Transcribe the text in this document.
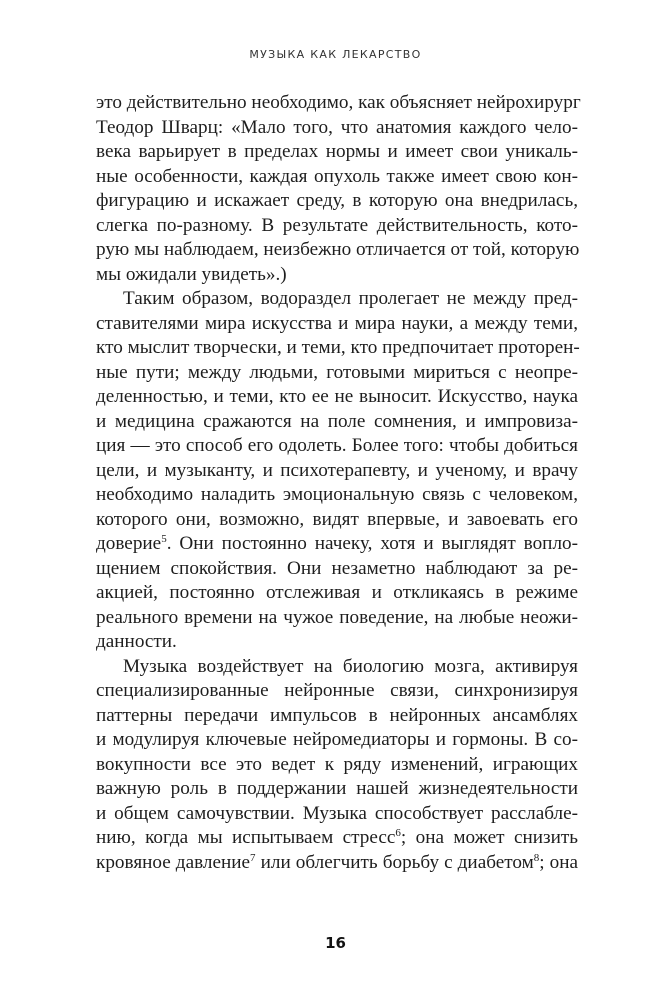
МУЗЫКА КАК ЛЕКАРСТВО
это действительно необходимо, как объясняет нейрохирург
Теодор Шварц: «Мало того, что анатомия каждого чело-
века варьирует в пределах нормы и имеет свои уникаль-
ные особенности, каждая опухоль также имеет свою кон-
фигурацию и искажает среду, в которую она внедрилась,
слегка по-разному. В результате действительность, кото-
рую мы наблюдаем, неизбежно отличается от той, которую
мы ожидали увидеть».)
Таким образом, водораздел пролегает не между пред-
ставителями мира искусства и мира науки, а между теми,
кто мыслит творчески, и теми, кто предпочитает проторен-
ные пути; между людьми, готовыми мириться с неопре-
деленностью, и теми, кто ее не выносит. Искусство, наука
и медицина сражаются на поле сомнения, и импровиза-
ция — это способ его одолеть. Более того: чтобы добиться
цели, и музыканту, и психотерапевту, и ученому, и врачу
необходимо наладить эмоциональную связь с человеком,
которого они, возможно, видят впервые, и завоевать его
доверие$^5$. Они постоянно начеку, хотя и выглядят вопло-
щением спокойствия. Они незаметно наблюдают за ре-
акцией, постоянно отслеживая и откликаясь в режиме
реального времени на чужое поведение, на любые неожи-
данности.
Музыка воздействует на биологию мозга, активируя
специализированные нейронные связи, синхронизируя
паттерны передачи импульсов в нейронных ансамблях
и модулируя ключевые нейромедиаторы и гормоны. В со-
вокупности все это ведет к ряду изменений, играющих
важную роль в поддержании нашей жизнедеятельности
и общем самочувствии. Музыка способствует расслабле-
нию, когда мы испытываем стресс$^6$; она может снизить
кровяное давление$^7$ или облегчить борьбу с диабетом$^8$; она
16
